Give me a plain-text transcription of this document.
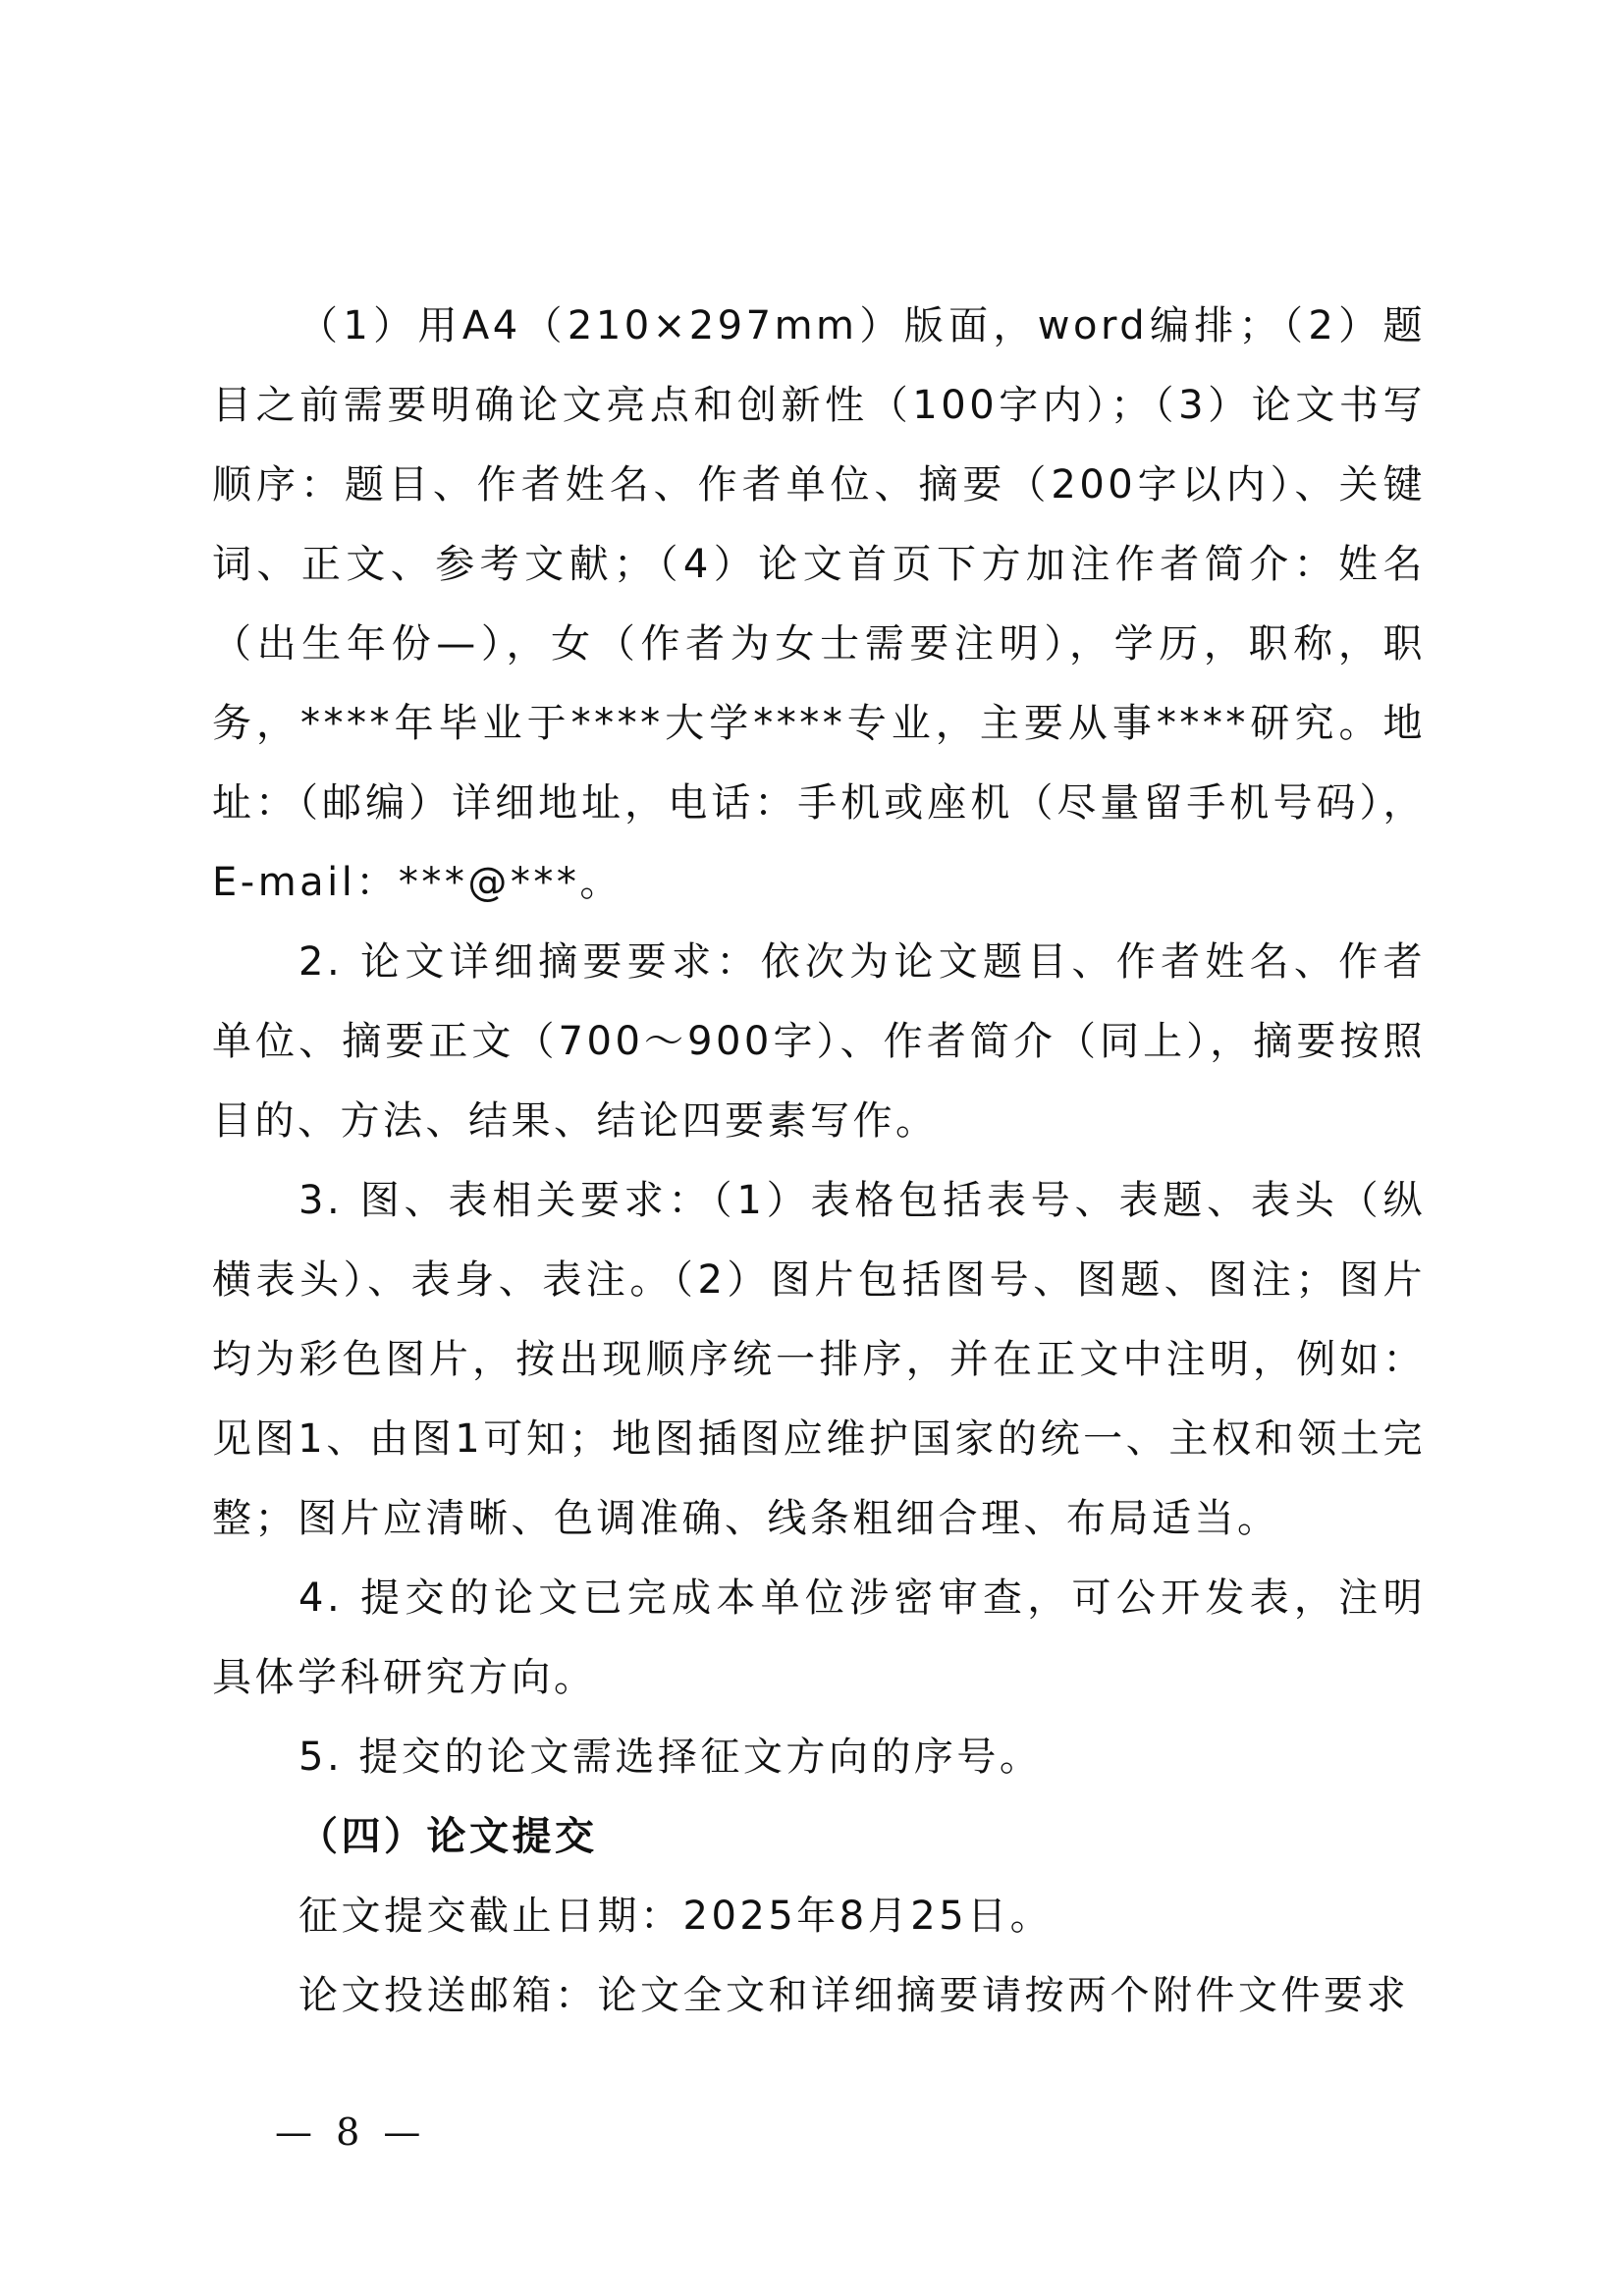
（1）用A4（210×297mm）版面，word编排；（2）题目之前需要明确论文亮点和创新性（100字内）；（3）论文书写顺序：题目、作者姓名、作者单位、摘要（200字以内）、关键词、正文、参考文献；（4）论文首页下方加注作者简介：姓名（出生年份—），女（作者为女士需要注明），学历，职称，职务，****年毕业于****大学****专业，主要从事****研究。地址：（邮编）详细地址，电话：手机或座机（尽量留手机号码），E-mail：***@***。

2. 论文详细摘要要求：依次为论文题目、作者姓名、作者单位、摘要正文（700～900字）、作者简介（同上），摘要按照目的、方法、结果、结论四要素写作。

3. 图、表相关要求：（1）表格包括表号、表题、表头（纵横表头）、表身、表注。（2）图片包括图号、图题、图注；图片均为彩色图片，按出现顺序统一排序，并在正文中注明，例如：见图1、由图1可知；地图插图应维护国家的统一、主权和领土完整；图片应清晰、色调准确、线条粗细合理、布局适当。

4. 提交的论文已完成本单位涉密审查，可公开发表，注明具体学科研究方向。

5. 提交的论文需选择征文方向的序号。

（四）论文提交

征文提交截止日期：2025年8月25日。

论文投送邮箱：论文全文和详细摘要请按两个附件文件要求

— 8 —
